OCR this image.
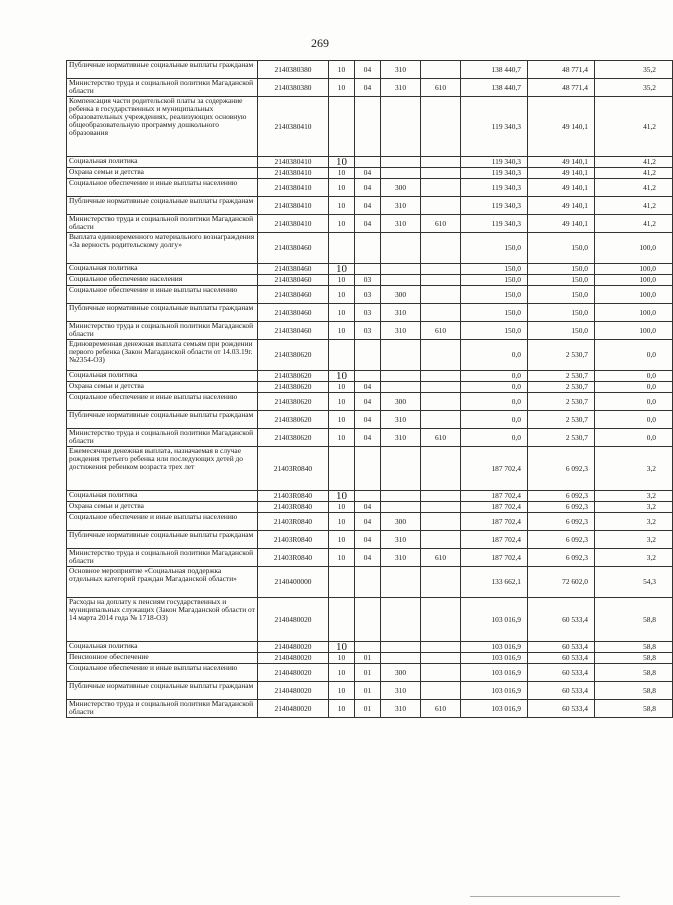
269
Публичные нормативные социальные выплаты гражданам	2140380380	10	04	310		138 440,7	48 771,4	35,2
Министерство труда и социальной политики Магаданской области	2140380380	10	04	310	610	138 440,7	48 771,4	35,2
Компенсация части родительской платы за содержание ребенка в государственных и муниципальных образовательных учреждениях, реализующих основную общеобразовательную программу дошкольного образования	2140380410					119 340,3	49 140,1	41,2
Социальная политика	2140380410	10				119 340,3	49 140,1	41,2
Охрана семьи и детства	2140380410	10	04			119 340,3	49 140,1	41,2
Социальное обеспечение и иные выплаты населению	2140380410	10	04	300		119 340,3	49 140,1	41,2
Публичные нормативные социальные выплаты гражданам	2140380410	10	04	310		119 340,3	49 140,1	41,2
Министерство труда и социальной политики Магаданской области	2140380410	10	04	310	610	119 340,3	49 140,1	41,2
Выплата единовременного материального вознаграждения «За верность родительскому долгу»	2140380460					150,0	150,0	100,0
Социальная политика	2140380460	10				150,0	150,0	100,0
Социальное обеспечение населения	2140380460	10	03			150,0	150,0	100,0
Социальное обеспечение и иные выплаты населению	2140380460	10	03	300		150,0	150,0	100,0
Публичные нормативные социальные выплаты гражданам	2140380460	10	03	310		150,0	150,0	100,0
Министерство труда и социальной политики Магаданской области	2140380460	10	03	310	610	150,0	150,0	100,0
Единовременная денежная выплата семьям при рождении первого ребенка (Закон Магаданской области от 14.03.19г. №2354-ОЗ)	2140380620					0,0	2 530,7	0,0
Социальная политика	2140380620	10				0,0	2 530,7	0,0
Охрана семьи и детства	2140380620	10	04			0,0	2 530,7	0,0
Социальное обеспечение и иные выплаты населению	2140380620	10	04	300		0,0	2 530,7	0,0
Публичные нормативные социальные выплаты гражданам	2140380620	10	04	310		0,0	2 530,7	0,0
Министерство труда и социальной политики Магаданской области	2140380620	10	04	310	610	0,0	2 530,7	0,0
Ежемесячная денежная выплата, назначаемая в случае рождения третьего ребенка или последующих детей до достижения ребенком возраста трех лет	21403R0840					187 702,4	6 092,3	3,2
Социальная политика	21403R0840	10				187 702,4	6 092,3	3,2
Охрана семьи и детства	21403R0840	10	04			187 702,4	6 092,3	3,2
Социальное обеспечение и иные выплаты населению	21403R0840	10	04	300		187 702,4	6 092,3	3,2
Публичные нормативные социальные выплаты гражданам	21403R0840	10	04	310		187 702,4	6 092,3	3,2
Министерство труда и социальной политики Магаданской области	21403R0840	10	04	310	610	187 702,4	6 092,3	3,2
Основное мероприятие «Социальная поддержка отдельных категорий граждан Магаданской области»	2140400000					133 662,1	72 602,0	54,3
Расходы на доплату к пенсиям государственных и муниципальных служащих (Закон Магаданской области от 14 марта 2014 года № 1718-ОЗ)	2140480020					103 016,9	60 533,4	58,8
Социальная политика	2140480020	10				103 016,9	60 533,4	58,8
Пенсионное обеспечение	2140480020	10	01			103 016,9	60 533,4	58,8
Социальное обеспечение и иные выплаты населению	2140480020	10	01	300		103 016,9	60 533,4	58,8
Публичные нормативные социальные выплаты гражданам	2140480020	10	01	310		103 016,9	60 533,4	58,8
Министерство труда и социальной политики Магаданской области	2140480020	10	01	310	610	103 016,9	60 533,4	58,8
